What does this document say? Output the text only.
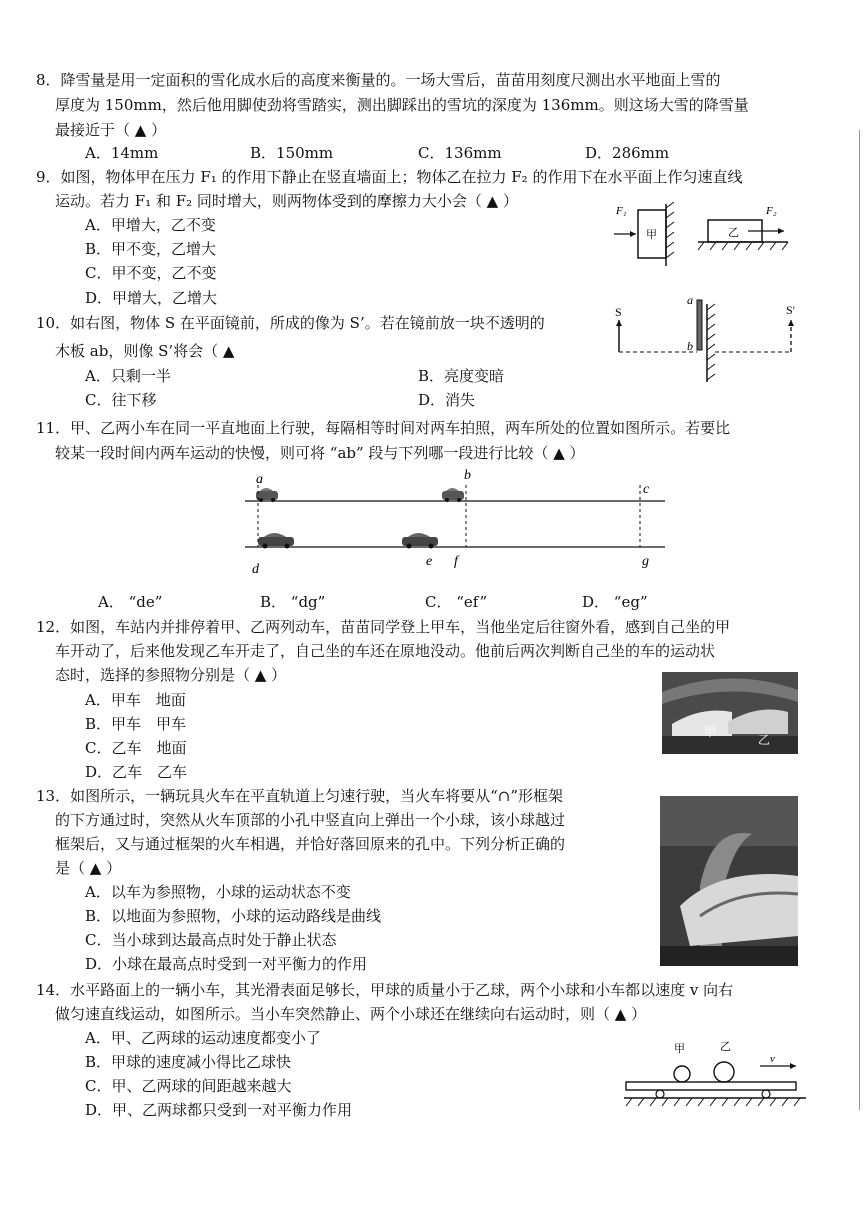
8．降雪量是用一定面积的雪化成水后的高度来衡量的。一场大雪后，苗苗用刻度尺测出水平地面上雪的
厚度为 150mm，然后他用脚使劲将雪踏实，测出脚踩出的雪坑的深度为 136mm。则这场大雪的降雪量
最接近于（ ▲ ）
A．14mm	B．150mm	C．136mm	D．286mm
9．如图，物体甲在压力 F₁ 的作用下静止在竖直墙面上；物体乙在拉力 F₂ 的作用下在水平面上作匀速直线
运动。若力 F₁ 和 F₂ 同时增大，则两物体受到的摩擦力大小会（ ▲ ）
A．甲增大，乙不变
B．甲不变，乙增大
C．甲不变，乙不变
D．甲增大，乙增大
甲
F₁
乙
F₂
10．如右图，物体 S 在平面镜前，所成的像为 S’。若在镜前放一块不透明的
木板 ab，则像 S’将会（ ▲
A．只剩一半	B．亮度变暗
C．往下移	D．消失
S
a
b
S′
11．甲、乙两小车在同一平直地面上行驶，每隔相等时间对两车拍照，两车所处的位置如图所示。若要比
较某一段时间内两车运动的快慢，则可将 “ab” 段与下列哪一段进行比较（ ▲ ）
a	b
c
d
e f	g
A． “de”	B． “dg”	C． “ef”	D． “eg”
12．如图，车站内并排停着甲、乙两列动车，苗苗同学登上甲车，当他坐定后往窗外看，感到自己坐的甲
车开动了，后来他发现乙车开走了，自己坐的车还在原地没动。他前后两次判断自己坐的车的运动状
态时，选择的参照物分别是（ ▲ ）
A．甲车　地面
B．甲车　甲车
C．乙车　地面
D．乙车　乙车
甲
乙
13．如图所示，一辆玩具火车在平直轨道上匀速行驶，当火车将要从“∩”形框架
的下方通过时，突然从火车顶部的小孔中竖直向上弹出一个小球，该小球越过
框架后，又与通过框架的火车相遇，并恰好落回原来的孔中。下列分析正确的
是（ ▲ ）
A．以车为参照物，小球的运动状态不变
B．以地面为参照物，小球的运动路线是曲线
C．当小球到达最高点时处于静止状态
D．小球在最高点时受到一对平衡力的作用
14．水平路面上的一辆小车，其光滑表面足够长，甲球的质量小于乙球，两个小球和小车都以速度 v 向右
做匀速直线运动，如图所示。当小车突然静止、两个小球还在继续向右运动时，则（ ▲ ）
A．甲、乙两球的运动速度都变小了
B．甲球的速度减小得比乙球快
C．甲、乙两球的间距越来越大
D．甲、乙两球都只受到一对平衡力作用
甲	乙
v
